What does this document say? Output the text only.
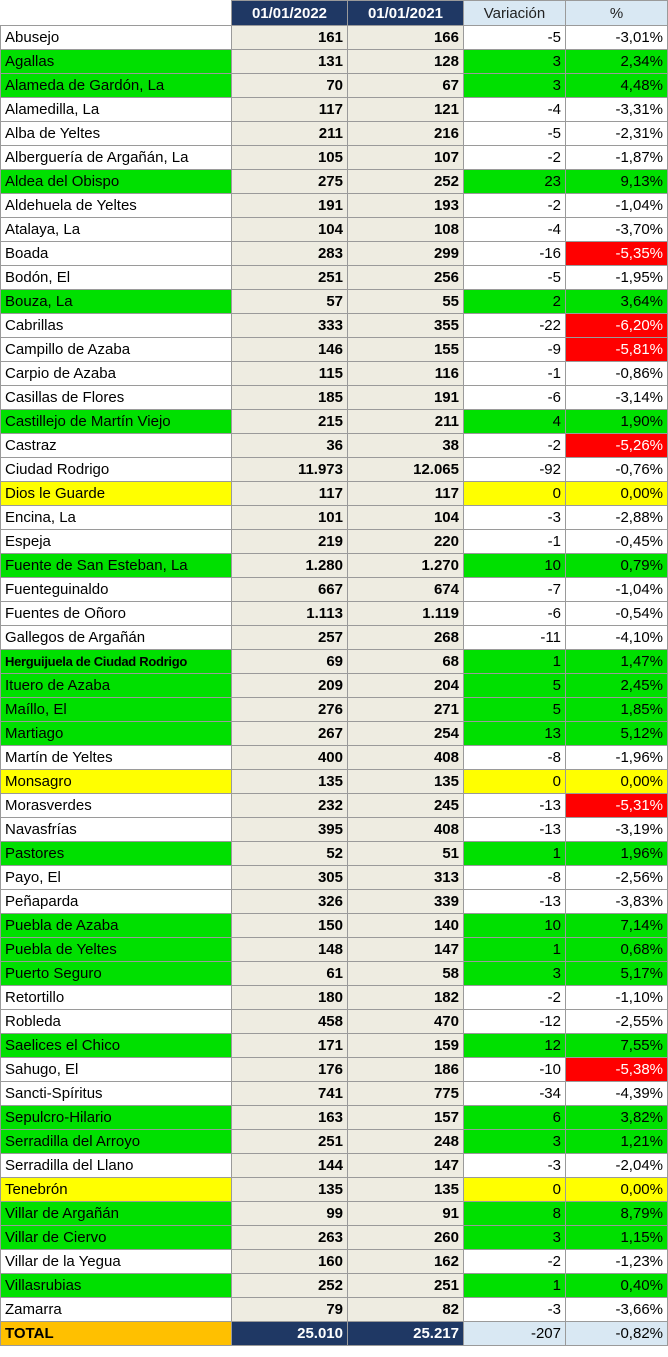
	01/01/2022	01/01/2021	Variación	%
Abusejo	161	166	-5	-3,01%
Agallas	131	128	3	2,34%
Alameda de Gardón, La	70	67	3	4,48%
Alamedilla, La	117	121	-4	-3,31%
Alba de Yeltes	211	216	-5	-2,31%
Alberguería de Argañán, La	105	107	-2	-1,87%
Aldea del Obispo	275	252	23	9,13%
Aldehuela de Yeltes	191	193	-2	-1,04%
Atalaya, La	104	108	-4	-3,70%
Boada	283	299	-16	-5,35%
Bodón, El	251	256	-5	-1,95%
Bouza, La	57	55	2	3,64%
Cabrillas	333	355	-22	-6,20%
Campillo de Azaba	146	155	-9	-5,81%
Carpio de Azaba	115	116	-1	-0,86%
Casillas de Flores	185	191	-6	-3,14%
Castillejo de Martín Viejo	215	211	4	1,90%
Castraz	36	38	-2	-5,26%
Ciudad Rodrigo	11.973	12.065	-92	-0,76%
Dios le Guarde	117	117	0	0,00%
Encina, La	101	104	-3	-2,88%
Espeja	219	220	-1	-0,45%
Fuente de San Esteban, La	1.280	1.270	10	0,79%
Fuenteguinaldo	667	674	-7	-1,04%
Fuentes de Oñoro	1.113	1.119	-6	-0,54%
Gallegos de Argañán	257	268	-11	-4,10%
Herguijuela de Ciudad Rodrigo	69	68	1	1,47%
Ituero de Azaba	209	204	5	2,45%
Maíllo, El	276	271	5	1,85%
Martiago	267	254	13	5,12%
Martín de Yeltes	400	408	-8	-1,96%
Monsagro	135	135	0	0,00%
Morasverdes	232	245	-13	-5,31%
Navasfrías	395	408	-13	-3,19%
Pastores	52	51	1	1,96%
Payo, El	305	313	-8	-2,56%
Peñaparda	326	339	-13	-3,83%
Puebla de Azaba	150	140	10	7,14%
Puebla de Yeltes	148	147	1	0,68%
Puerto Seguro	61	58	3	5,17%
Retortillo	180	182	-2	-1,10%
Robleda	458	470	-12	-2,55%
Saelices el Chico	171	159	12	7,55%
Sahugo, El	176	186	-10	-5,38%
Sancti-Spíritus	741	775	-34	-4,39%
Sepulcro-Hilario	163	157	6	3,82%
Serradilla del Arroyo	251	248	3	1,21%
Serradilla del Llano	144	147	-3	-2,04%
Tenebrón	135	135	0	0,00%
Villar de Argañán	99	91	8	8,79%
Villar de Ciervo	263	260	3	1,15%
Villar de la Yegua	160	162	-2	-1,23%
Villasrubias	252	251	1	0,40%
Zamarra	79	82	-3	-3,66%
TOTAL	25.010	25.217	-207	-0,82%
